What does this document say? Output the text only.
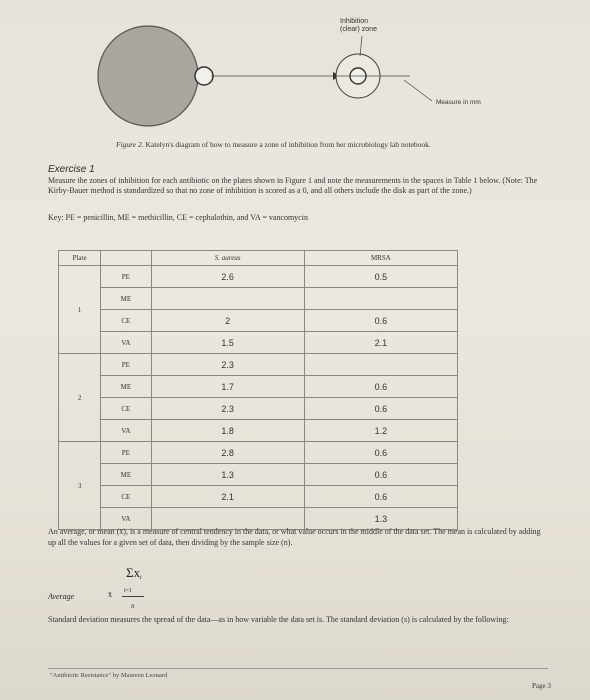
Inhibition
(clear) zone
Measure in mm
Figure 2. Katelyn's diagram of how to measure a zone of inhibition from her microbiology lab notebook.
Exercise 1
Measure the zones of inhibition for each antibiotic on the plates shown in Figure 1 and note the measurements in the spaces in Table 1 below. (Note: The Kirby-Bauer method is standardized so that no zone of inhibition is scored as a 0, and all others include the disk as part of the zone.)
Key: PE = penicillin, ME = methicillin, CE = cephalothin, and VA = vancomycin
Plate		S. aureus	MRSA
1	PE	2.6	0.5
	ME		
	CE	2	0.6
	VA	1.5	2.1
2	PE	2.3	
	ME	1.7	0.6
	CE	2.3	0.6
	VA	1.8	1.2
3	PE	2.8	0.6
	ME	1.3	0.6
	CE	2.1	0.6
	VA		1.3
An average, or mean (x̄), is a measure of central tendency in the data, or what value occurs in the middle of the data set. The mean is calculated by adding up all the values for a given set of data, then dividing by the sample size (n).
Average	x̄
Σx i
i=1
n
Standard deviation measures the spread of the data—as in how variable the data set is. The standard deviation (s) is calculated by the following:
"Antibiotic Resistance" by Maureen Leonard
Page 3
